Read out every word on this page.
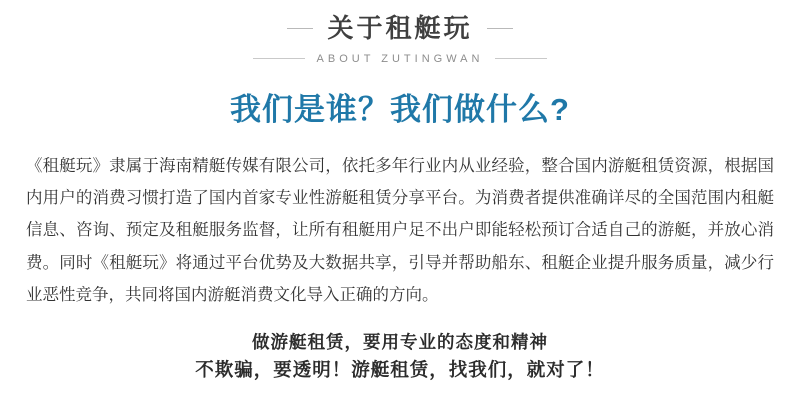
关于租艇玩
ABOUT ZUTINGWAN
我们是谁？我们做什么?

《租艇玩》隶属于海南精艇传媒有限公司，依托多年行业内从业经验，整合国内游艇租赁资源，根据国内用户的消费习惯打造了国内首家专业性游艇租赁分享平台。为消费者提供准确详尽的全国范围内租艇信息、咨询、预定及租艇服务监督，让所有租艇用户足不出户即能轻松预订合适自己的游艇，并放心消费。同时《租艇玩》将通过平台优势及大数据共享，引导并帮助船东、租艇企业提升服务质量，减少行业恶性竞争，共同将国内游艇消费文化导入正确的方向。

做游艇租赁，要用专业的态度和精神
不欺骗，要透明！游艇租赁，找我们，就对了！
